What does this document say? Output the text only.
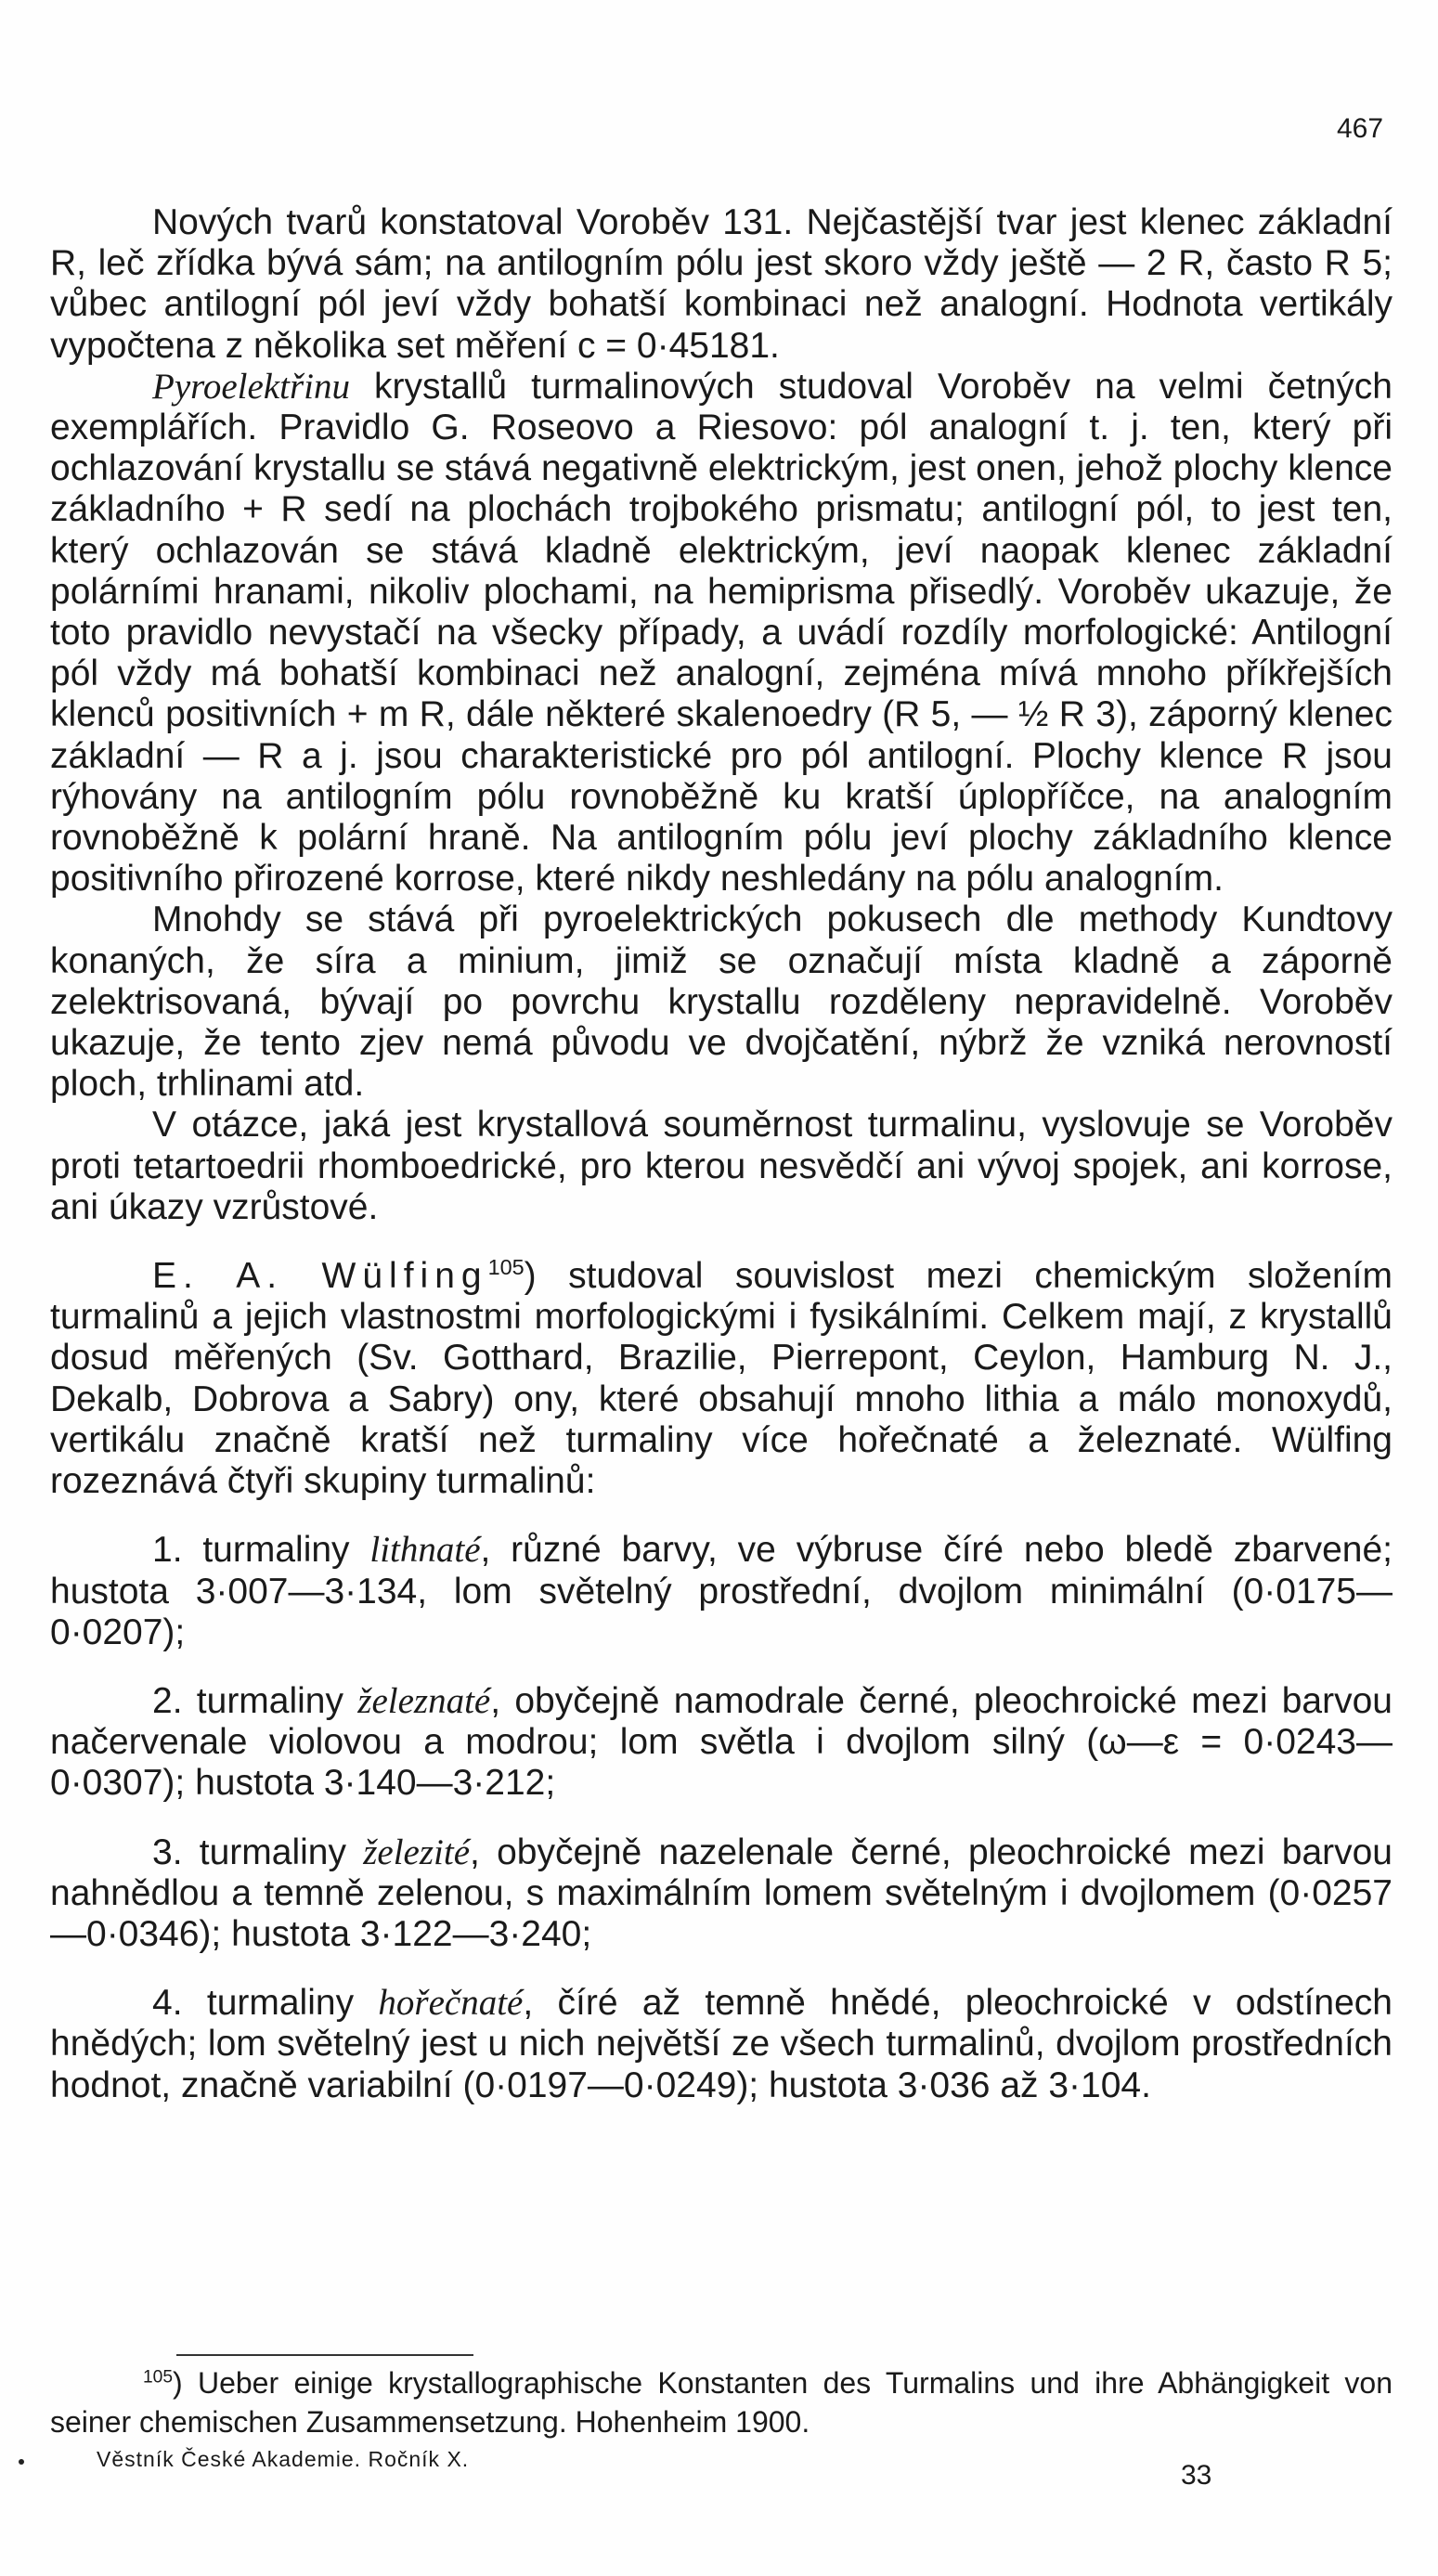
467

Nových tvarů konstatoval Voroběv 131. Nejčastější tvar jest klenec základní R, leč zřídka bývá sám; na antilogním pólu jest skoro vždy ještě — 2 R, často R 5; vůbec antilogní pól jeví vždy bohatší kombinaci než analogní. Hodnota vertikály vypočtena z několika set měření c = 0·45181.

Pyroelektřinu krystallů turmalinových studoval Voroběv na velmi četných exemplářích. Pravidlo G. Roseovo a Riesovo: pól analogní t. j. ten, který při ochlazování krystallu se stává negativně elektrickým, jest onen, jehož plochy klence základního + R sedí na plochách trojbokého prismatu; antilogní pól, to jest ten, který ochlazován se stává kladně elektrickým, jeví naopak klenec základní polárními hranami, nikoliv plochami, na hemiprisma přisedlý. Voroběv ukazuje, že toto pravidlo nevystačí na všecky případy, a uvádí rozdíly morfologické: Antilogní pól vždy má bohatší kombinaci než analogní, zejména mívá mnoho příkřejších klenců positivních + m R, dále některé skalenoedry (R 5, — ½ R 3), záporný klenec základní — R a j. jsou charakteristické pro pól antilogní. Plochy klence R jsou rýhovány na antilogním pólu rovnoběžně ku kratší úplopříčce, na analogním rovnoběžně k polární hraně. Na antilogním pólu jeví plochy základního klence positivního přirozené korrose, které nikdy neshledány na pólu analogním.

Mnohdy se stává při pyroelektrických pokusech dle methody Kundtovy konaných, že síra a minium, jimiž se označují místa kladně a záporně zelektrisovaná, bývají po povrchu krystallu rozděleny nepravidelně. Voroběv ukazuje, že tento zjev nemá původu ve dvojčatění, nýbrž že vzniká nerovností ploch, trhlinami atd.

V otázce, jaká jest krystallová souměrnost turmalinu, vyslovuje se Voroběv proti tetartoedrii rhomboedrické, pro kterou nesvědčí ani vývoj spojek, ani korrose, ani úkazy vzrůstové.

E. A. Wülfing$^{105}$) studoval souvislost mezi chemickým složením turmalinů a jejich vlastnostmi morfologickými i fysikálními. Celkem mají, z krystallů dosud měřených (Sv. Gotthard, Brazilie, Pierrepont, Ceylon, Hamburg N. J., Dekalb, Dobrova a Sabry) ony, které obsahují mnoho lithia a málo monoxydů, vertikálu značně kratší než turmaliny více hořečnaté a železnaté. Wülfing rozeznává čtyři skupiny turmalinů:

1. turmaliny lithnaté, různé barvy, ve výbruse číré nebo bledě zbarvené; hustota 3·007—3·134, lom světelný prostřední, dvojlom minimální (0·0175—0·0207);

2. turmaliny železnaté, obyčejně namodrale černé, pleochroické mezi barvou načervenale violovou a modrou; lom světla i dvojlom silný (ω—ε = 0·0243—0·0307); hustota 3·140—3·212;

3. turmaliny železité, obyčejně nazelenale černé, pleochroické mezi barvou nahnědlou a temně zelenou, s maximálním lomem světelným i dvojlomem (0·0257—0·0346); hustota 3·122—3·240;

4. turmaliny hořečnaté, číré až temně hnědé, pleochroické v odstínech hnědých; lom světelný jest u nich největší ze všech turmalinů, dvojlom prostředních hodnot, značně variabilní (0·0197—0·0249); hustota 3·036 až 3·104.

$^{105}$) Ueber einige krystallographische Konstanten des Turmalins und ihre Abhängigkeit von seiner chemischen Zusammensetzung. Hohenheim 1900.
Věstník České Akademie. Ročník X.
33
